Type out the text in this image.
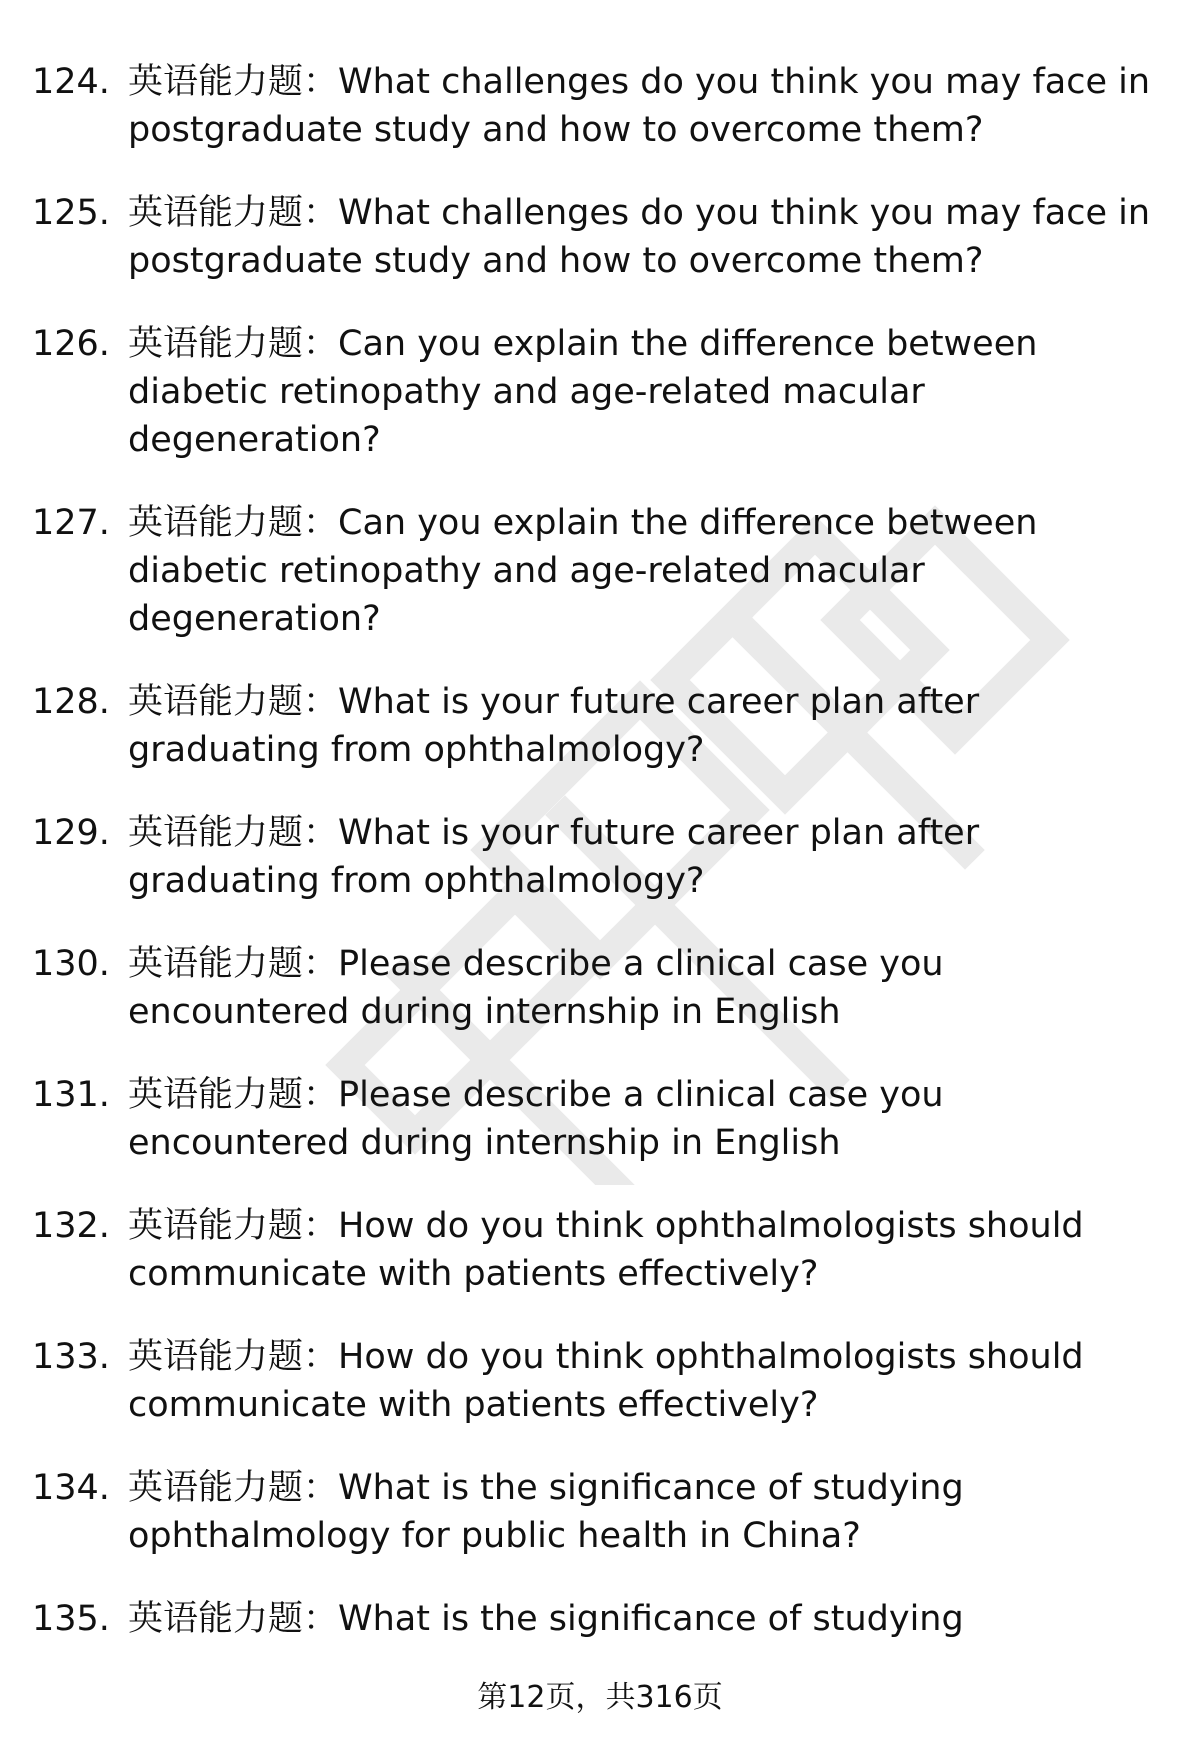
124. 英语能力题：What challenges do you think you may face in postgraduate study and how to overcome them?
125. 英语能力题：What challenges do you think you may face in postgraduate study and how to overcome them?
126. 英语能力题：Can you explain the difference between diabetic retinopathy and age-related macular degeneration?
127. 英语能力题：Can you explain the difference between diabetic retinopathy and age-related macular degeneration?
128. 英语能力题：What is your future career plan after graduating from ophthalmology?
129. 英语能力题：What is your future career plan after graduating from ophthalmology?
130. 英语能力题：Please describe a clinical case you encountered during internship in English
131. 英语能力题：Please describe a clinical case you encountered during internship in English
132. 英语能力题：How do you think ophthalmologists should communicate with patients effectively?
133. 英语能力题：How do you think ophthalmologists should communicate with patients effectively?
134. 英语能力题：What is the significance of studying ophthalmology for public health in China?
135. 英语能力题：What is the significance of studying
第12页，共316页
